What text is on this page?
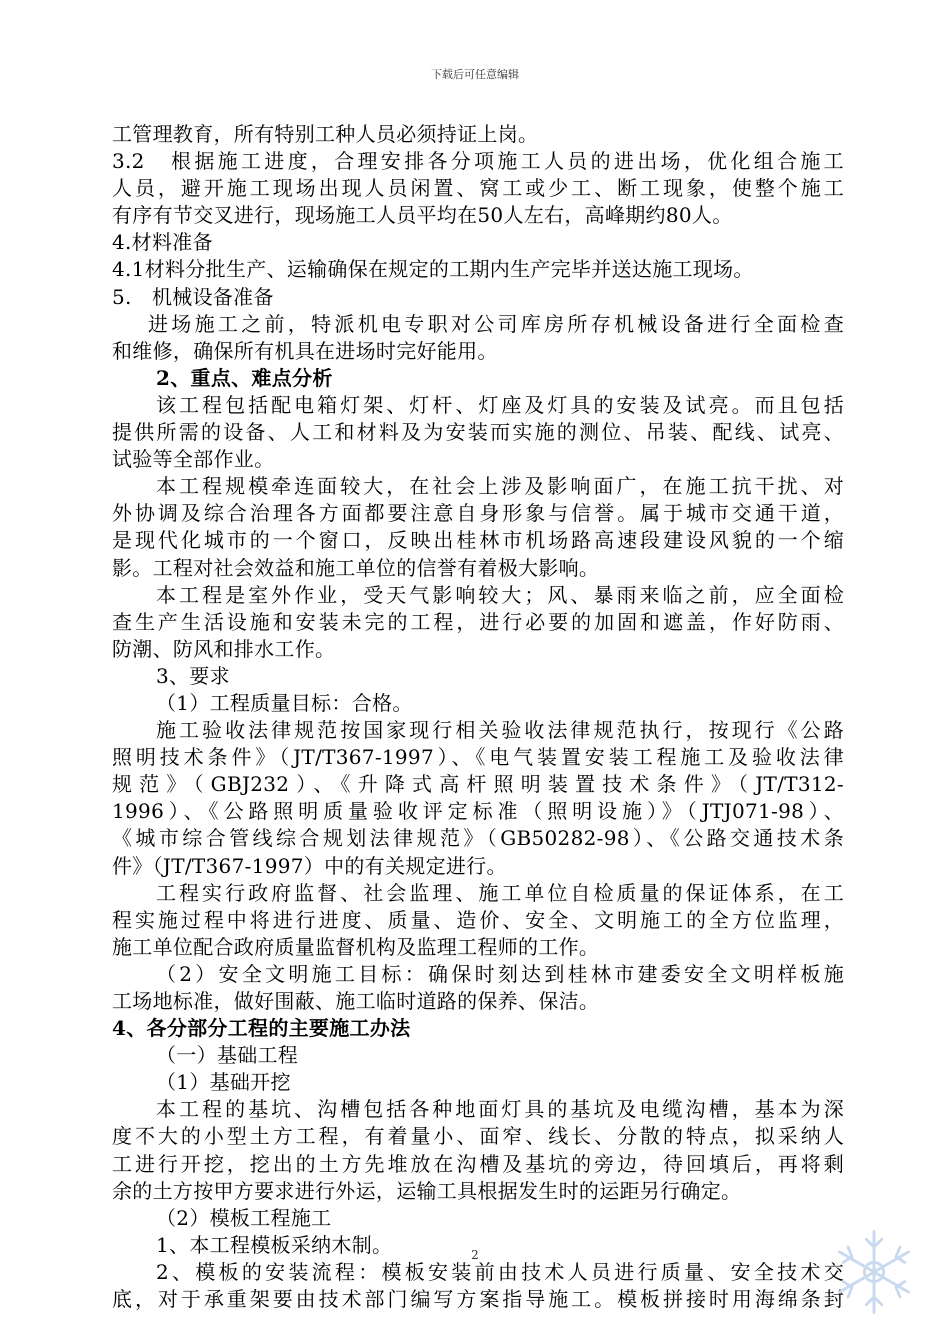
下载后可任意编辑
工管理教育，所有特别工种人员必须持证上岗。
3.2　根据施工进度，合理安排各分项施工人员的进出场，优化组合施工
人员，避开施工现场出现人员闲置、窝工或少工、断工现象，使整个施工
有序有节交叉进行，现场施工人员平均在50人左右，高峰期约80人。
4.材料准备
4.1材料分批生产、运输确保在规定的工期内生产完毕并送达施工现场。
5.　机械设备准备
进场施工之前，特派机电专职对公司库房所存机械设备进行全面检查
和维修，确保所有机具在进场时完好能用。
2、重点、难点分析
该工程包括配电箱灯架、灯杆、灯座及灯具的安装及试亮。而且包括
提供所需的设备、人工和材料及为安装而实施的测位、吊装、配线、试亮、
试验等全部作业。
本工程规模牵连面较大，在社会上涉及影响面广，在施工抗干扰、对
外协调及综合治理各方面都要注意自身形象与信誉。属于城市交通干道，
是现代化城市的一个窗口，反映出桂林市机场路高速段建设风貌的一个缩
影。工程对社会效益和施工单位的信誉有着极大影响。
本工程是室外作业，受天气影响较大；风、暴雨来临之前，应全面检
查生产生活设施和安装未完的工程，进行必要的加固和遮盖，作好防雨、
防潮、防风和排水工作。
3、要求
（1）工程质量目标：合格。
施工验收法律规范按国家现行相关验收法律规范执行，按现行《公路
照明技术条件》（JT/T367-1997）、《电气装置安装工程施工及验收法律
规范》（GBJ232）、《升降式高杆照明装置技术条件》（JT/T312-
1996）、《公路照明质量验收评定标准（照明设施）》（JTJ071-98）、
《城市综合管线综合规划法律规范》（GB50282-98）、《公路交通技术条
件》（JT/T367-1997）中的有关规定进行。
工程实行政府监督、社会监理、施工单位自检质量的保证体系，在工
程实施过程中将进行进度、质量、造价、安全、文明施工的全方位监理，
施工单位配合政府质量监督机构及监理工程师的工作。
（2）安全文明施工目标：确保时刻达到桂林市建委安全文明样板施
工场地标准，做好围蔽、施工临时道路的保养、保洁。
4、各分部分工程的主要施工办法
（一）基础工程
（1）基础开挖
本工程的基坑、沟槽包括各种地面灯具的基坑及电缆沟槽，基本为深
度不大的小型土方工程，有着量小、面窄、线长、分散的特点，拟采纳人
工进行开挖，挖出的土方先堆放在沟槽及基坑的旁边，待回填后，再将剩
余的土方按甲方要求进行外运，运输工具根据发生时的运距另行确定。
（2）模板工程施工
1、本工程模板采纳木制。
2、模板的安装流程：模板安装前由技术人员进行质量、安全技术交
底，对于承重架要由技术部门编写方案指导施工。模板拼接时用海绵条封
2
